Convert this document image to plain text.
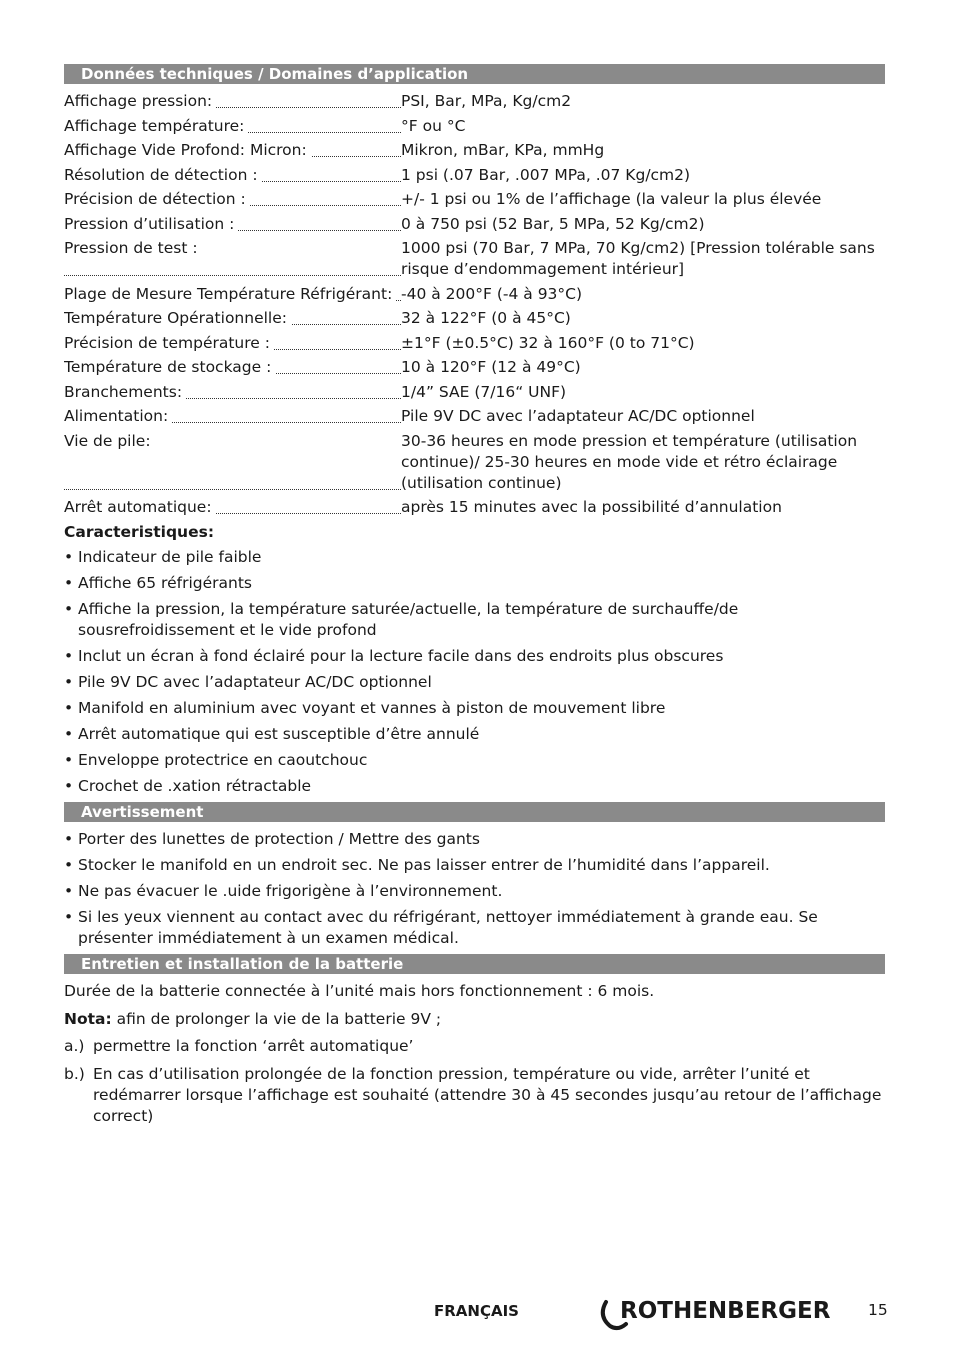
Données techniques / Domaines d’application
Affichage pression:	PSI, Bar, MPa, Kg/cm2
Affichage température:	°F ou °C
Affichage Vide Profond: Micron:	Mikron, mBar, KPa, mmHg
Résolution de détection :	1 psi (.07 Bar, .007 MPa, .07 Kg/cm2)
Précision de détection :	+/- 1 psi ou 1% de l’affichage (la valeur la plus élevée
Pression d’utilisation :	0 à 750 psi (52 Bar, 5 MPa, 52 Kg/cm2)
Pression de test :	1000 psi (70 Bar, 7 MPa, 70 Kg/cm2) [Pression tolérable sans risque d’endommagement intérieur]
Plage de Mesure Température Réfrigérant: -40 à 200°F (-4 à 93°C)
Température Opérationnelle:	32 à 122°F (0 à 45°C)
Précision de température :	±1°F (±0.5°C) 32 à 160°F (0 to 71°C)
Température de stockage :	10 à 120°F (12 à 49°C)
Branchements:	1/4” SAE (7/16“ UNF)
Alimentation:	Pile 9V DC avec l’adaptateur AC/DC optionnel
Vie de pile:	30-36 heures en mode pression et température (utilisation continue)/ 25-30 heures en mode vide et rétro éclairage (utilisation continue)
Arrêt automatique:	après 15 minutes avec la possibilité d’annulation
Caracteristiques:
• Indicateur de pile faible
• Affiche 65 réfrigérants
• Affiche la pression, la température saturée/actuelle, la température de surchauffe/de sousrefroidissement et le vide profond
• Inclut un écran à fond éclairé pour la lecture facile dans des endroits plus obscures
• Pile 9V DC avec l’adaptateur AC/DC optionnel
• Manifold en aluminium avec voyant et vannes à piston de mouvement libre
• Arrêt automatique qui est susceptible d’être annulé
• Enveloppe protectrice en caoutchouc
• Crochet de .xation rétractable
Avertissement
• Porter des lunettes de protection / Mettre des gants
• Stocker le manifold en un endroit sec. Ne pas laisser entrer de l’humidité dans l’appareil.
• Ne pas évacuer le .uide frigorigène à l’environnement.
• Si les yeux viennent au contact avec du réfrigérant, nettoyer immédiatement à grande eau. Se présenter immédiatement à un examen médical.
Entretien et installation de la batterie
Durée de la batterie connectée à l’unité mais hors fonctionnement : 6 mois.
Nota: afin de prolonger la vie de la batterie 9V ;
a.) permettre la fonction ‘arrêt automatique’
b.) En cas d’utilisation prolongée de la fonction pression, température ou vide, arrêter l’unité et redémarrer lorsque l’affichage est souhaité (attendre 30 à 45 secondes jusqu’au retour de l’affichage correct)
FRANÇAIS	ROTHENBERGER 15
